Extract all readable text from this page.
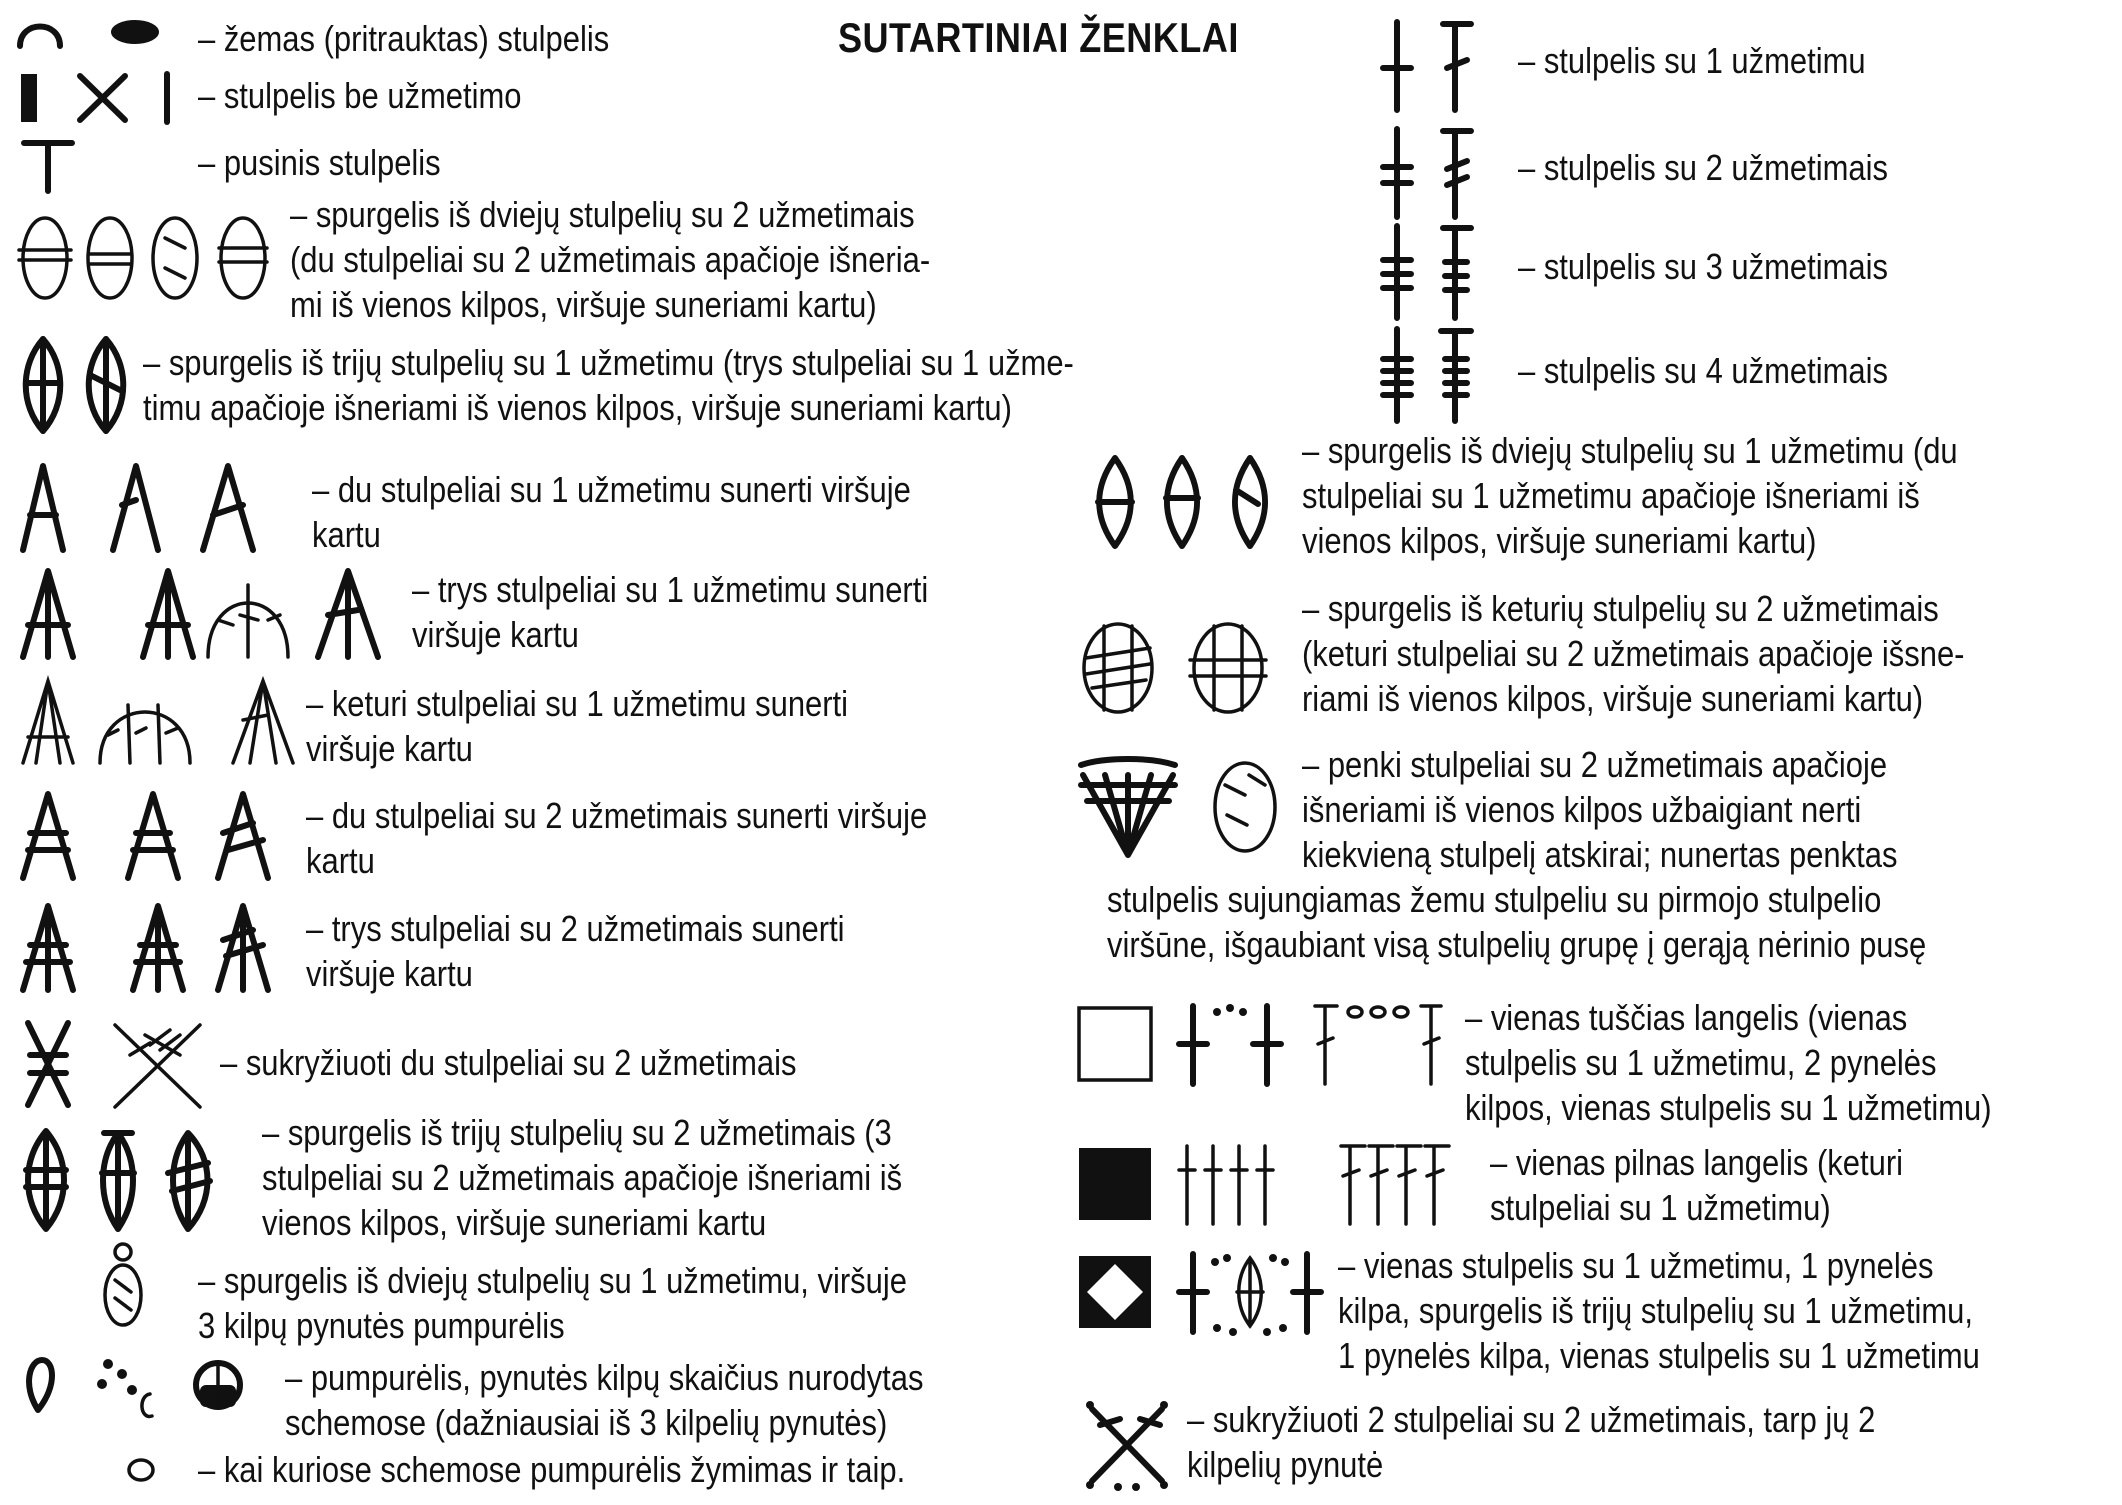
SUTARTINIAI ŽENKLAI
– žemas (pritrauktas) stulpelis
– stulpelis be užmetimo
– pusinis stulpelis
– spurgelis iš dviejų stulpelių su 2 užmetimais
(du stulpeliai su 2 užmetimais apačioje išneria-
mi iš vienos kilpos, viršuje suneriami kartu)
– spurgelis iš trijų stulpelių su 1 užmetimu (trys stulpeliai su 1 užme-
timu apačioje išneriami iš vienos kilpos, viršuje suneriami kartu)
– du stulpeliai su 1 užmetimu sunerti viršuje
kartu
– trys stulpeliai su 1 užmetimu sunerti
viršuje kartu
– keturi stulpeliai su 1 užmetimu sunerti
viršuje kartu
– du stulpeliai su 2 užmetimais sunerti viršuje
kartu
– trys stulpeliai su 2 užmetimais sunerti
viršuje kartu
– sukryžiuoti du stulpeliai su 2 užmetimais
– spurgelis iš trijų stulpelių su 2 užmetimais (3
stulpeliai su 2 užmetimais apačioje išneriami iš
vienos kilpos, viršuje suneriami kartu
– spurgelis iš dviejų stulpelių su 1 užmetimu, viršuje
3 kilpų pynutės pumpurėlis
– pumpurėlis, pynutės kilpų skaičius nurodytas
schemose (dažniausiai iš 3 kilpelių pynutės)
– kai kuriose schemose pumpurėlis žymimas ir taip.
– stulpelis su 1 užmetimu
– stulpelis su 2 užmetimais
– stulpelis su 3 užmetimais
– stulpelis su 4 užmetimais
– spurgelis iš dviejų stulpelių su 1 užmetimu (du
stulpeliai su 1 užmetimu apačioje išneriami iš
vienos kilpos, viršuje suneriami kartu)
– spurgelis iš keturių stulpelių su 2 užmetimais
(keturi stulpeliai su 2 užmetimais apačioje išsne-
riami iš vienos kilpos, viršuje suneriami kartu)
– penki stulpeliai su 2 užmetimais apačioje
išneriami iš vienos kilpos užbaigiant nerti
kiekvieną stulpelį atskirai; nunertas penktas
stulpelis sujungiamas žemu stulpeliu su pirmojo stulpelio
viršūne, išgaubiant visą stulpelių grupę į gerąją nėrinio pusę
– vienas tuščias langelis (vienas
stulpelis su 1 užmetimu, 2 pynelės
kilpos, vienas stulpelis su 1 užmetimu)
– vienas pilnas langelis (keturi
stulpeliai su 1 užmetimu)
– vienas stulpelis su 1 užmetimu, 1 pynelės
kilpa, spurgelis iš trijų stulpelių su 1 užmetimu,
1 pynelės kilpa, vienas stulpelis su 1 užmetimu
– sukryžiuoti 2 stulpeliai su 2 užmetimais, tarp jų 2
kilpelių pynutė
